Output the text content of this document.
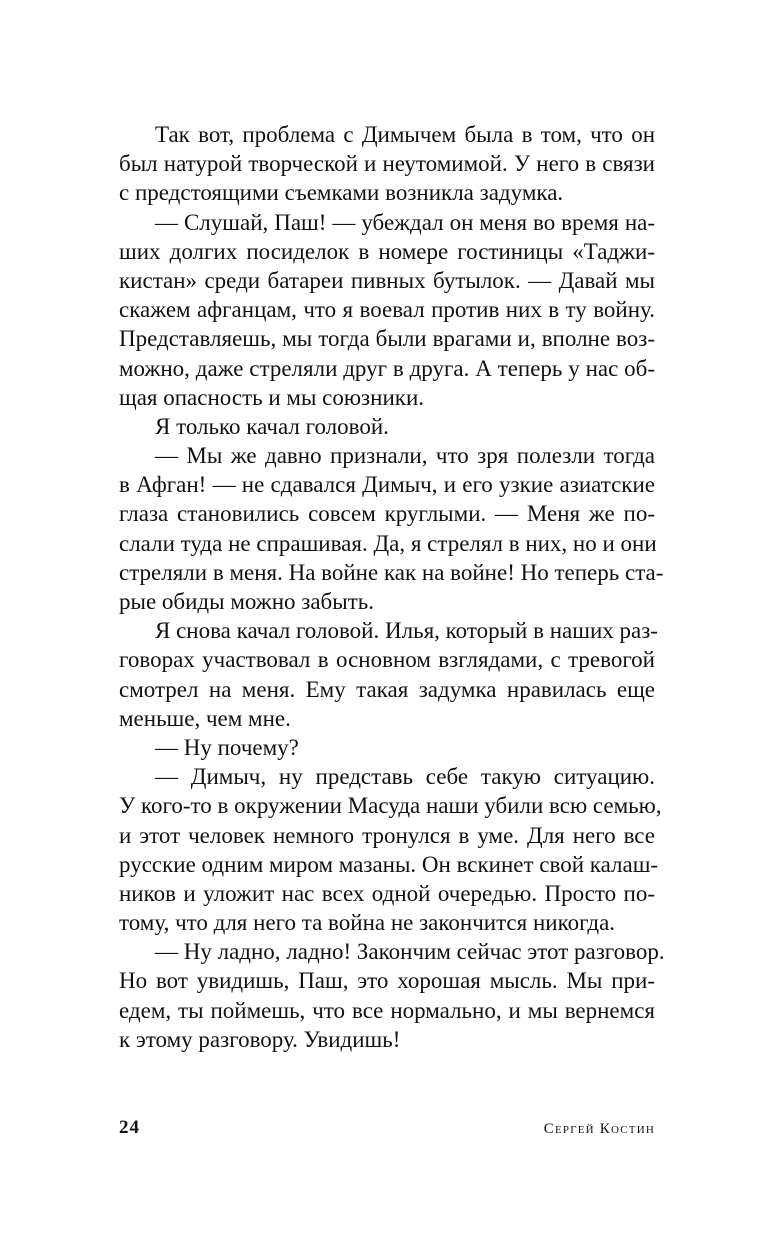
Так вот, проблема с Димычем была в том, что он
был натурой творческой и неутомимой. У него в связи
с предстоящими съемками возникла задумка.
— Слушай, Паш! — убеждал он меня во время на-
ших долгих посиделок в номере гостиницы «Таджи-
кистан» среди батареи пивных бутылок. — Давай мы
скажем афганцам, что я воевал против них в ту войну.
Представляешь, мы тогда были врагами и, вполне воз-
можно, даже стреляли друг в друга. А теперь у нас об-
щая опасность и мы союзники.
Я только качал головой.
— Мы же давно признали, что зря полезли тогда
в Афган! — не сдавался Димыч, и его узкие азиатские
глаза становились совсем круглыми. — Меня же по-
слали туда не спрашивая. Да, я стрелял в них, но и они
стреляли в меня. На войне как на войне! Но теперь ста-
рые обиды можно забыть.
Я снова качал головой. Илья, который в наших раз-
говорах участвовал в основном взглядами, с тревогой
смотрел на меня. Ему такая задумка нравилась еще
меньше, чем мне.
— Ну почему?
— Димыч, ну представь себе такую ситуацию.
У кого-то в окружении Масуда наши убили всю семью,
и этот человек немного тронулся в уме. Для него все
русские одним миром мазаны. Он вскинет свой калаш-
ников и уложит нас всех одной очередью. Просто по-
тому, что для него та война не закончится никогда.
— Ну ладно, ладно! Закончим сейчас этот разговор.
Но вот увидишь, Паш, это хорошая мысль. Мы при-
едем, ты поймешь, что все нормально, и мы вернемся
к этому разговору. Увидишь!
24	Сергей Костин
